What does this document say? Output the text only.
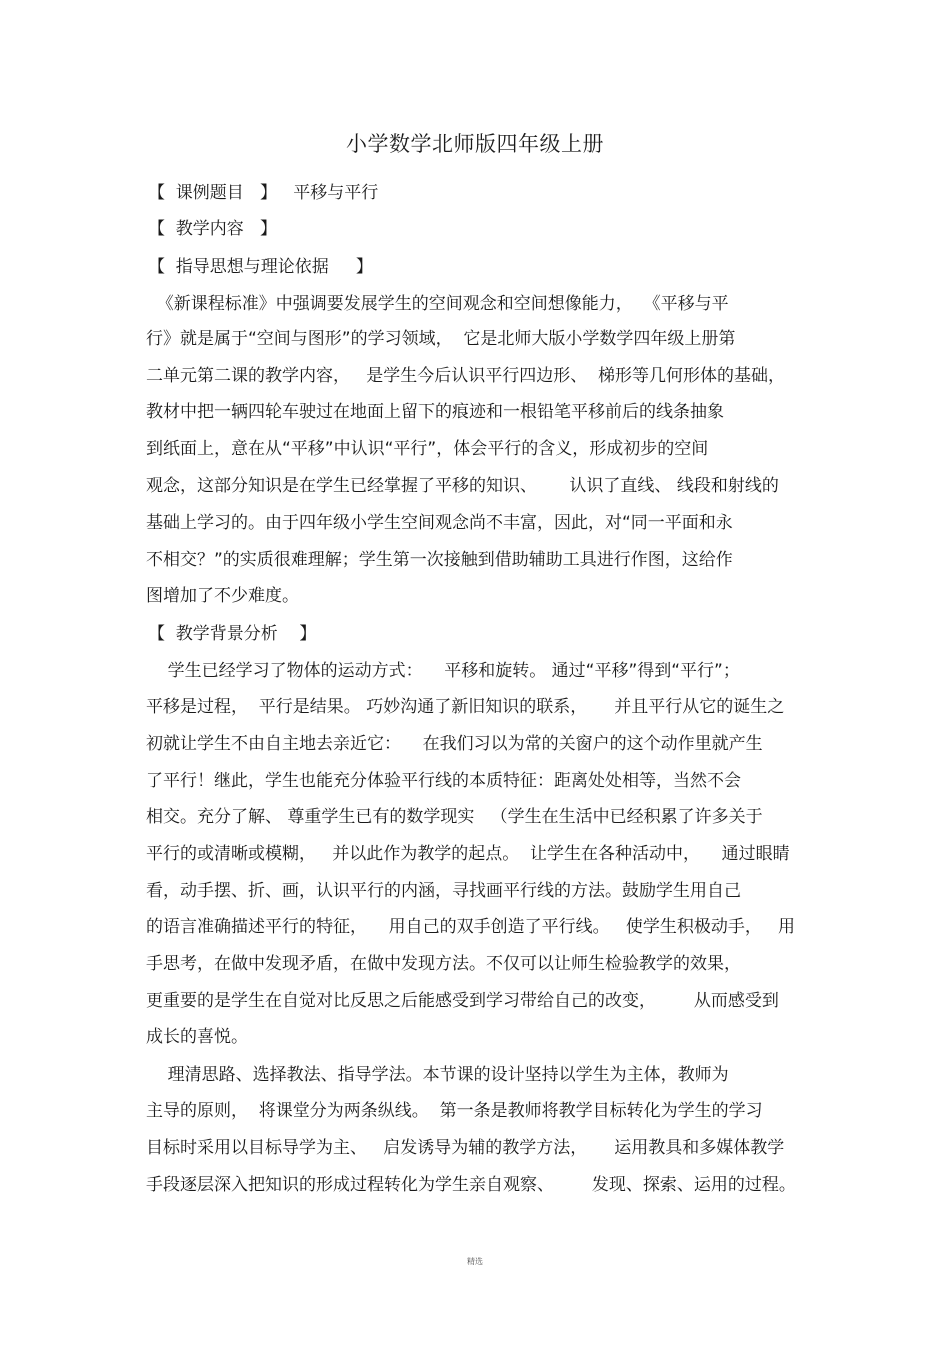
小学数学北师版四年级上册
【  课例题目   】   平移与平行
【  教学内容   】
【  指导思想与理论依据     】
《新课程标准》中强调要发展学生的空间观念和空间想像能力，  《平移与平
行》就是属于“空间与图形”的学习领域，  它是北师大版小学数学四年级上册第
二单元第二课的教学内容，   是学生今后认识平行四边形、  梯形等几何形体的基础，
教材中把一辆四轮车驶过在地面上留下的痕迹和一根铅笔平移前后的线条抽象
到纸面上，意在从“平移”中认识“平行”，体会平行的含义，形成初步的空间
观念，这部分知识是在学生已经掌握了平移的知识、      认识了直线、 线段和射线的
基础上学习的。由于四年级小学生空间观念尚不丰富，因此，对“同一平面和永
不相交？”的实质很难理解；学生第一次接触到借助辅助工具进行作图，这给作
图增加了不少难度。
【  教学背景分析    】
学生已经学习了物体的运动方式：    平移和旋转。 通过“平移”得到“平行”；
平移是过程，  平行是结果。 巧妙沟通了新旧知识的联系，     并且平行从它的诞生之
初就让学生不由自主地去亲近它：    在我们习以为常的关窗户的这个动作里就产生
了平行！继此，学生也能充分体验平行线的本质特征：距离处处相等，当然不会
相交。充分了解、 尊重学生已有的数学现实   （学生在生活中已经积累了许多关于
平行的或清晰或模糊，   并以此作为教学的起点。  让学生在各种活动中，    通过眼睛
看，动手摆、折、画，认识平行的内涵，寻找画平行线的方法。鼓励学生用自己
的语言准确描述平行的特征，    用自己的双手创造了平行线。   使学生积极动手，   用
手思考，在做中发现矛盾，在做中发现方法。不仅可以让师生检验教学的效果，
更重要的是学生在自觉对比反思之后能感受到学习带给自己的改变，       从而感受到
成长的喜悦。
理清思路、选择教法、指导学法。本节课的设计坚持以学生为主体，教师为
主导的原则，  将课堂分为两条纵线。  第一条是教师将教学目标转化为学生的学习
目标时采用以目标导学为主、   启发诱导为辅的教学方法，     运用教具和多媒体教学
手段逐层深入把知识的形成过程转化为学生亲自观察、       发现、探索、运用的过程。
精选
